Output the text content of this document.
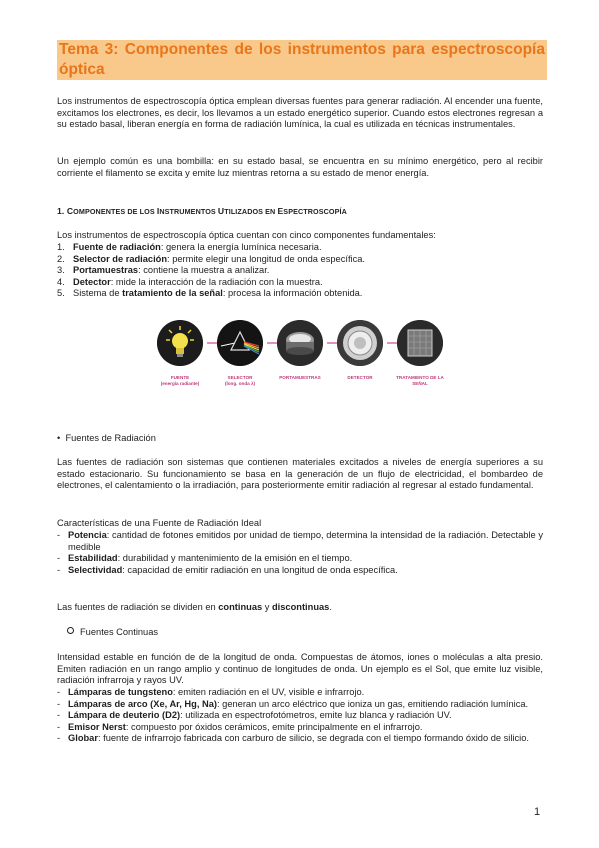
Tema 3: Componentes de los instrumentos para espectroscopía óptica

Los instrumentos de espectroscopía óptica emplean diversas fuentes para generar radiación. Al encender una fuente, excitamos los electrones, es decir, los llevamos a un estado energético superior. Cuando estos electrones regresan a su estado basal, liberan energía en forma de radiación lumínica, la cual es utilizada en técnicas instrumentales.

Un ejemplo común es una bombilla: en su estado basal, se encuentra en su mínimo energético, pero al recibir corriente el filamento se excita y emite luz mientras retorna a su estado de menor energía.

1. COMPONENTES DE LOS INSTRUMENTOS UTILIZADOS EN ESPECTROSCOPÍA

Los instrumentos de espectroscopía óptica cuentan con cinco componentes fundamentales:

1. Fuente de radiación: genera la energía lumínica necesaria.
2. Selector de radiación: permite elegir una longitud de onda específica.
3. Portamuestras: contiene la muestra a analizar.
4. Detector: mide la interacción de la radiación con la muestra.
5. Sistema de tratamiento de la señal: procesa la información obtenida.
FUENTE
(energía radiante)
SELECTOR
(long. onda λ)
PORTAMUESTRAS	DETECTOR	TRATAMIENTO DE LA
SEÑAL
• Fuentes de Radiación

Las fuentes de radiación son sistemas que contienen materiales excitados a niveles de energía superiores a su estado estacionario. Su funcionamiento se basa en la generación de un flujo de electricidad, el bombardeo de electrones, el calentamiento o la irradiación, para posteriormente emitir radiación al regresar al estado fundamental.

Características de una Fuente de Radiación Ideal

- Potencia: cantidad de fotones emitidos por unidad de tiempo, determina la intensidad de la radiación. Detectable y medible
- Estabilidad: durabilidad y mantenimiento de la emisión en el tiempo.
- Selectividad: capacidad de emitir radiación en una longitud de onda específica.

Las fuentes de radiación se dividen en continuas y discontinuas.

Fuentes Continuas

Intensidad estable en función de de la longitud de onda. Compuestas de átomos, iones o moléculas a alta presio. Emiten radiación en un rango amplio y continuo de longitudes de onda. Un ejemplo es el Sol, que emite luz visible, radiación infrarroja y rayos UV.

- Lámparas de tungsteno: emiten radiación en el UV, visible e infrarrojo.
- Lámparas de arco (Xe, Ar, Hg, Na): generan un arco eléctrico que ioniza un gas, emitiendo radiación lumínica.
- Lámpara de deuterio (D2): utilizada en espectrofotómetros, emite luz blanca y radiación UV.
- Emisor Nerst: compuesto por óxidos cerámicos, emite principalmente en el infrarrojo.
- Globar: fuente de infrarrojo fabricada con carburo de silicio, se degrada con el tiempo formando óxido de silicio.
1
